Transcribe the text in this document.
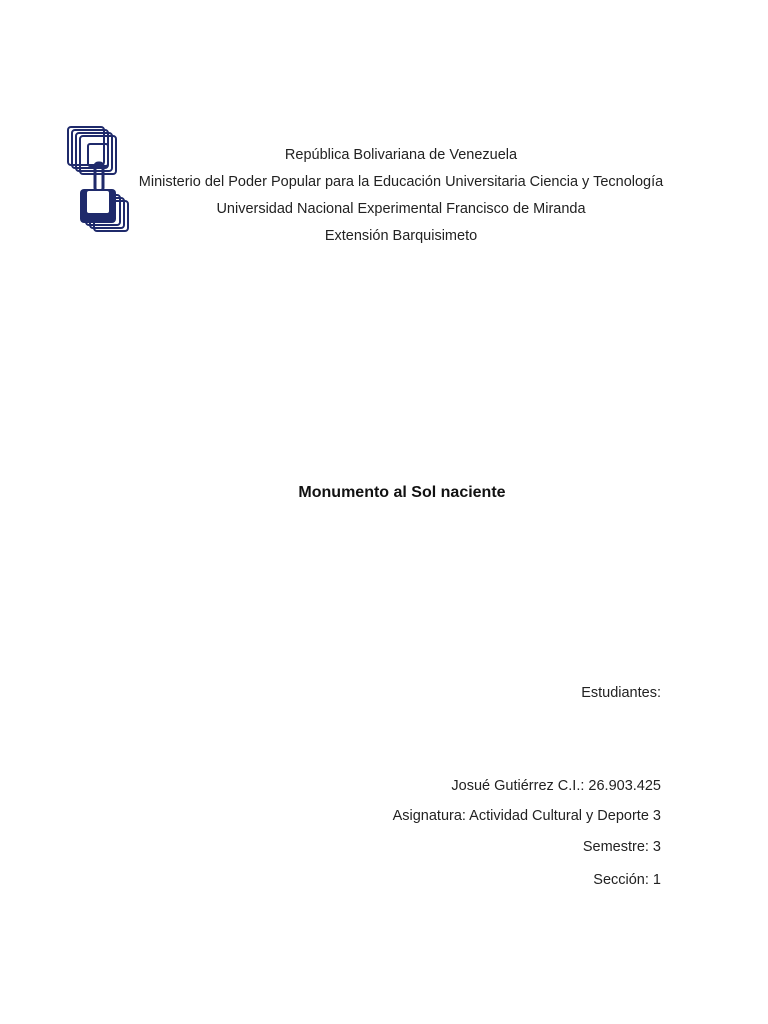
República Bolivariana de Venezuela
Ministerio del Poder Popular para la Educación Universitaria Ciencia y Tecnología
Universidad Nacional Experimental Francisco de Miranda
Extensión Barquisimeto
Monumento al Sol naciente
Estudiantes:
Josué Gutiérrez C.I.: 26.903.425
Asignatura: Actividad Cultural y Deporte 3
Semestre: 3
Sección: 1
